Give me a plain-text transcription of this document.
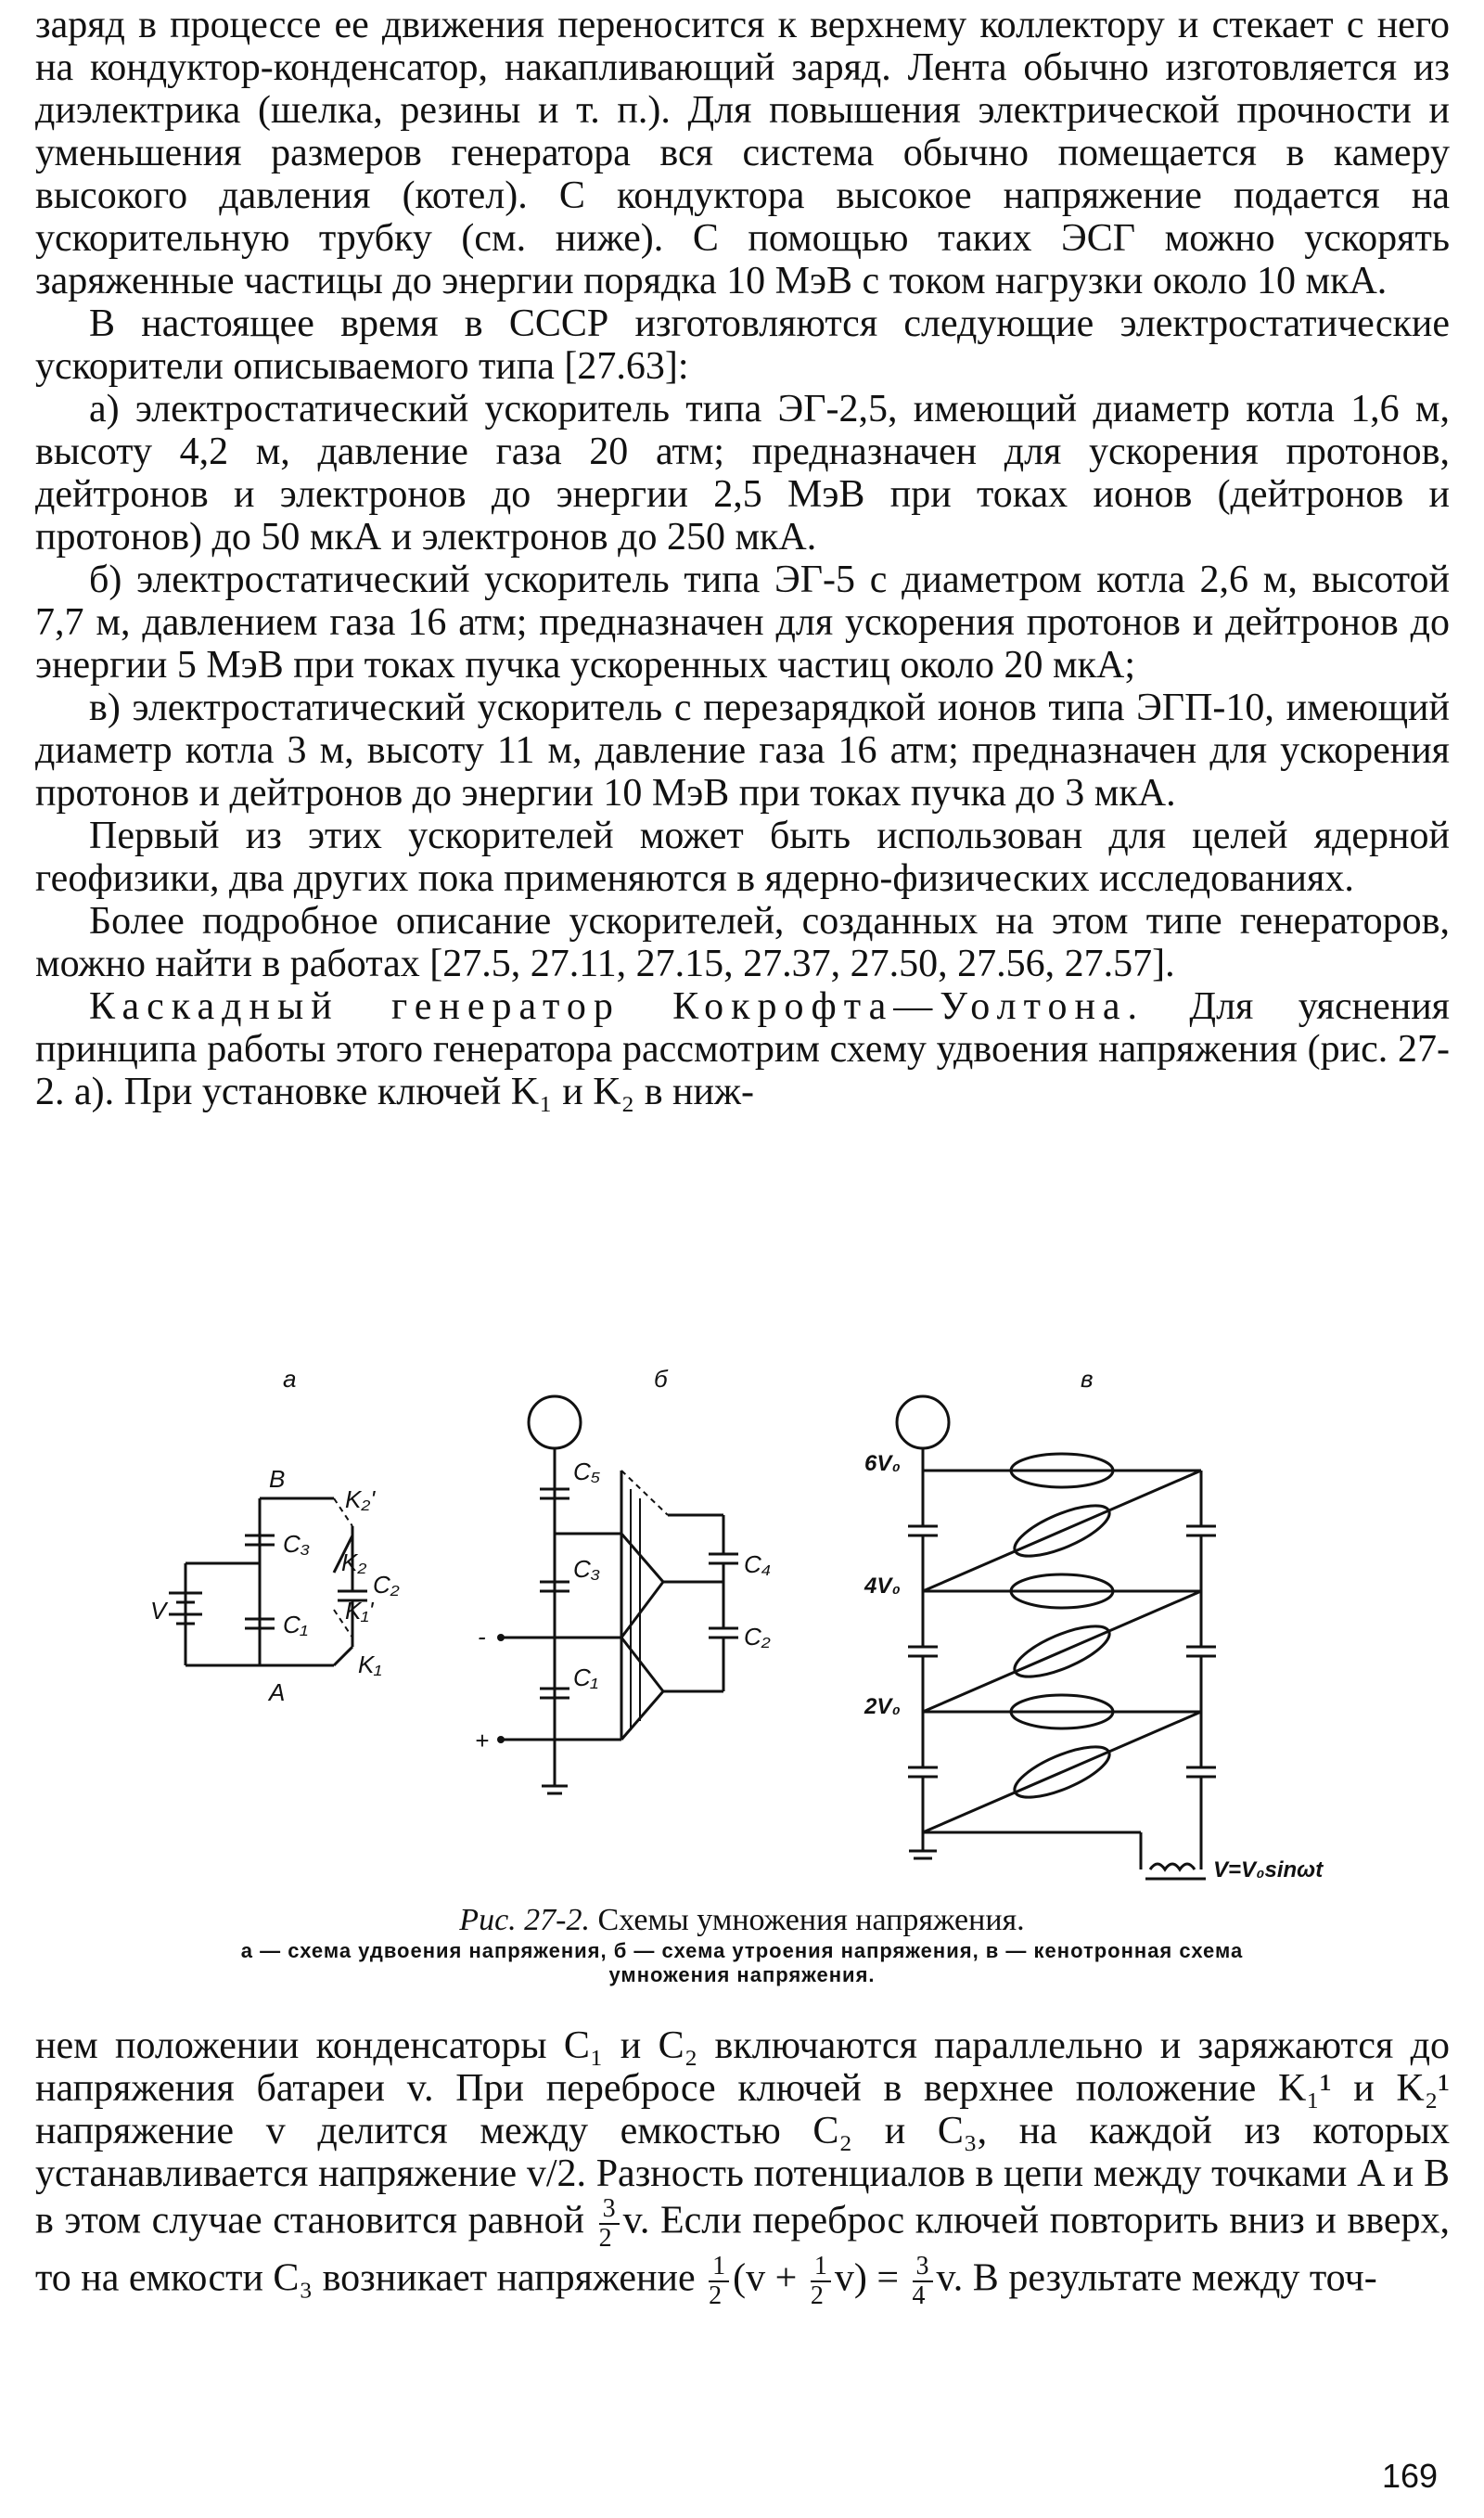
заряд в процессе ее движения переносится к верхнему коллектору и стекает с него на кондуктор-конденсатор, накапливающий заряд. Лента обычно изготовляется из диэлектрика (шелка, резины и т. п.). Для повышения электрической прочности и уменьшения размеров генератора вся система обычно помещается в камеру высокого давления (котел). С кондуктора высокое напряжение подается на ускорительную трубку (см. ниже). С помощью таких ЭСГ можно ускорять заряженные частицы до энергии порядка 10 МэВ с током нагрузки около 10 мкА.

В настоящее время в СССР изготовляются следующие электростатические ускорители описываемого типа [27.63]:

а) электростатический ускоритель типа ЭГ-2,5, имеющий диаметр котла 1,6 м, высоту 4,2 м, давление газа 20 атм; предназначен для ускорения протонов, дейтронов и электронов до энергии 2,5 МэВ при токах ионов (дейтронов и протонов) до 50 мкА и электронов до 250 мкА.

б) электростатический ускоритель типа ЭГ-5 с диаметром котла 2,6 м, высотой 7,7 м, давлением газа 16 атм; предназначен для ускорения протонов и дейтронов до энергии 5 МэВ при токах пучка ускоренных частиц около 20 мкА;

в) электростатический ускоритель с перезарядкой ионов типа ЭГП-10, имеющий диаметр котла 3 м, высоту 11 м, давление газа 16 атм; предназначен для ускорения протонов и дейтронов до энергии 10 МэВ при токах пучка до 3 мкА.

Первый из этих ускорителей может быть использован для целей ядерной геофизики, два других пока применяются в ядерно-физических исследованиях.

Более подробное описание ускорителей, созданных на этом типе генераторов, можно найти в работах [27.5, 27.11, 27.15, 27.37, 27.50, 27.56, 27.57].

Каскадный генератор Кокрофта—Уолтона. Для уяснения принципа работы этого генератора рассмотрим схему удвоения напряжения (рис. 27-2. а). При установке ключей K₁ и K₂ в ниж-

а	б	в
B
A
V
C₃
C₁
C₂
K₂'
K₂
K₁'
K₁
C₅
C₃
C₁
C₄
C₂
-
+
6V₀
4V₀
2V₀
V=V₀sinωt
Рис. 27-2. Схемы умножения напряжения.
а — схема удвоения напряжения, б — схема утроения напряжения, в — кенотронная схема умножения напряжения.

нем положении конденсаторы C₁ и C₂ включаются параллельно и заряжаются до напряжения батареи v. При перебросе ключей в верхнее положение K₁¹ и K₂¹ напряжение v делится между емкостью C₂ и C₃, на каждой из которых устанавливается напряжение v/2. Разность потенциалов в цепи между точками A и B в этом случае становится равной $\frac{3}{2} v$. Если переброс ключей повторить вниз и вверх, то на емкости C₃ возникает напряжение $\frac{1}{2} (v + \frac{1}{2} v) = \frac{3}{4} v$. В результате между точ-

169
